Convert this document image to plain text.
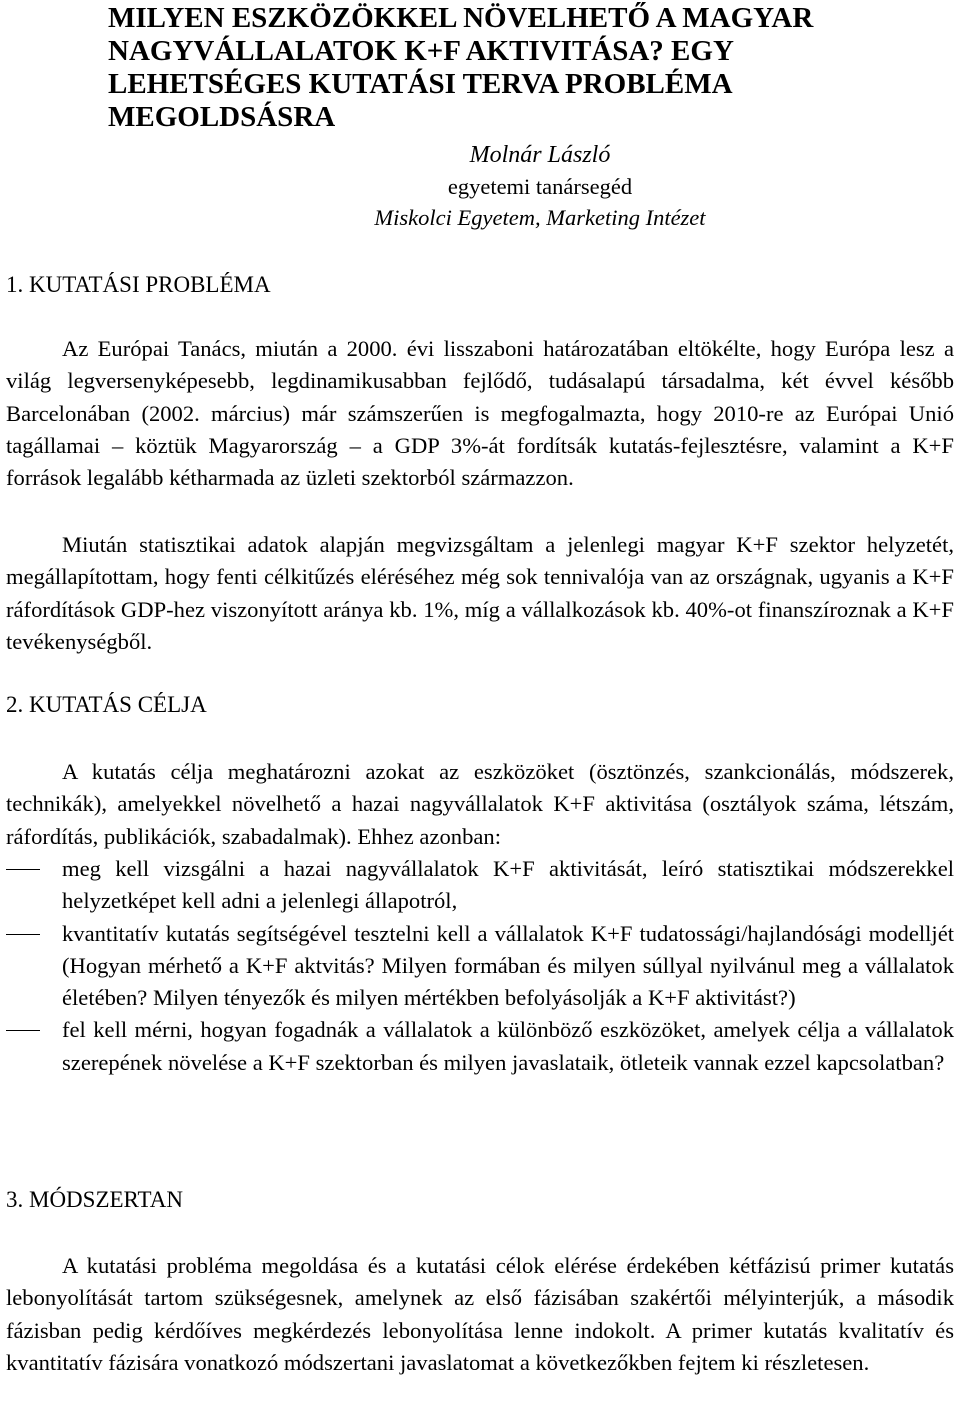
MILYEN ESZKÖZÖKKEL NÖVELHETŐ A MAGYAR NAGYVÁLLALATOK K+F AKTIVITÁSA? EGY LEHETSÉGES KUTATÁSI TERVA PROBLÉMA MEGOLDSÁSRA
Molnár László
egyetemi tanársegéd
Miskolci Egyetem, Marketing Intézet
1. KUTATÁSI PROBLÉMA

Az Európai Tanács, miután a 2000. évi lisszaboni határozatában eltökélte, hogy Európa lesz a világ legversenyképesebb, legdinamikusabban fejlődő, tudásalapú társadalma, két évvel később Barcelonában (2002. március) már számszerűen is megfogalmazta, hogy 2010-re az Európai Unió tagállamai – köztük Magyarország – a GDP 3%-át fordítsák kutatás-fejlesztésre, valamint a K+F források legalább kétharmada az üzleti szektorból származzon.

Miután statisztikai adatok alapján megvizsgáltam a jelenlegi magyar K+F szektor helyzetét, megállapítottam, hogy fenti célkitűzés eléréséhez még sok tennivalója van az országnak, ugyanis a K+F ráfordítások GDP-hez viszonyított aránya kb. 1%, míg a vállalkozások kb. 40%-ot finanszíroznak a K+F tevékenységből.

2. KUTATÁS CÉLJA

A kutatás célja meghatározni azokat az eszközöket (ösztönzés, szankcionálás, módszerek, technikák), amelyekkel növelhető a hazai nagyvállalatok K+F aktivitása (osztályok száma, létszám, ráfordítás, publikációk, szabadalmak). Ehhez azonban:

meg kell vizsgálni a hazai nagyvállalatok K+F aktivitását, leíró statisztikai módszerekkel helyzetképet kell adni a jelenlegi állapotról,
kvantitatív kutatás segítségével tesztelni kell a vállalatok K+F tudatossági/hajlandósági modelljét (Hogyan mérhető a K+F aktvitás? Milyen formában és milyen súllyal nyilvánul meg a vállalatok életében? Milyen tényezők és milyen mértékben befolyásolják a K+F aktivitást?)
fel kell mérni, hogyan fogadnák a vállalatok a különböző eszközöket, amelyek célja a vállalatok szerepének növelése a K+F szektorban és milyen javaslataik, ötleteik vannak ezzel kapcsolatban?
3. MÓDSZERTAN

A kutatási probléma megoldása és a kutatási célok elérése érdekében kétfázisú primer kutatás lebonyolítását tartom szükségesnek, amelynek az első fázisában szakértői mélyinterjúk, a második fázisban pedig kérdőíves megkérdezés lebonyolítása lenne indokolt. A primer kutatás kvalitatív és kvantitatív fázisára vonatkozó módszertani javaslatomat a következőkben fejtem ki részletesen.
